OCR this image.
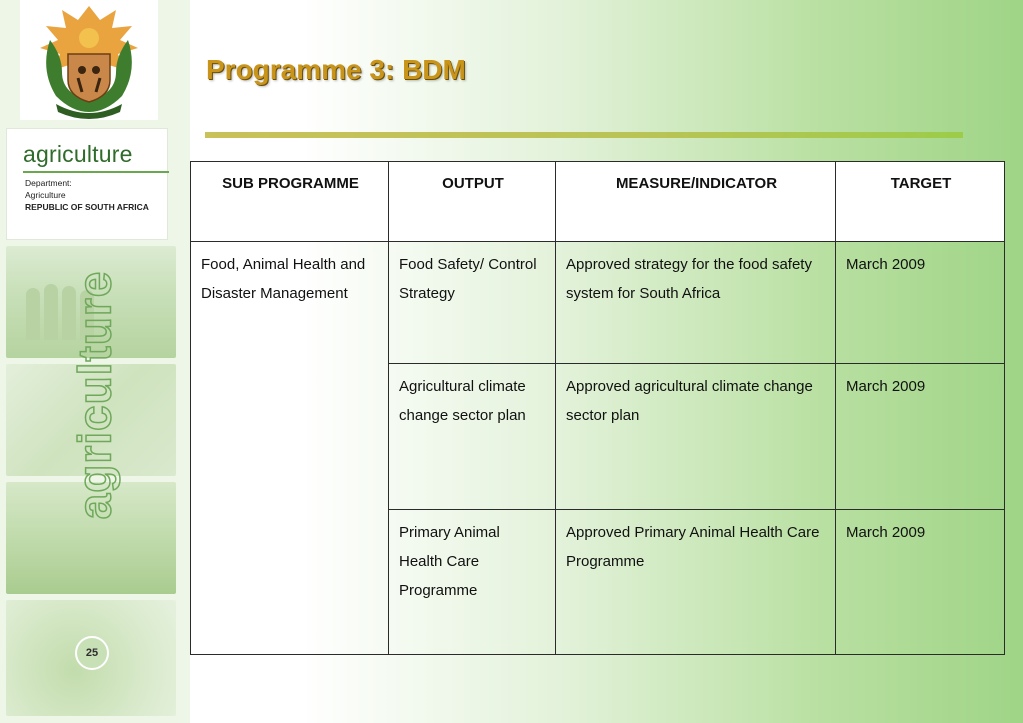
agriculture
Department:
Agriculture
REPUBLIC OF SOUTH AFRICA
agriculture
25
Programme 3: BDM
SUB PROGRAMME	OUTPUT	MEASURE/INDICATOR	TARGET
Food, Animal Health and Disaster Management	Food Safety/ Control Strategy	Approved strategy for the food safety system for South Africa	March 2009
	Agricultural climate change sector plan	Approved agricultural climate change sector plan	March 2009
	Primary Animal Health Care Programme	Approved Primary Animal Health Care Programme	March 2009
